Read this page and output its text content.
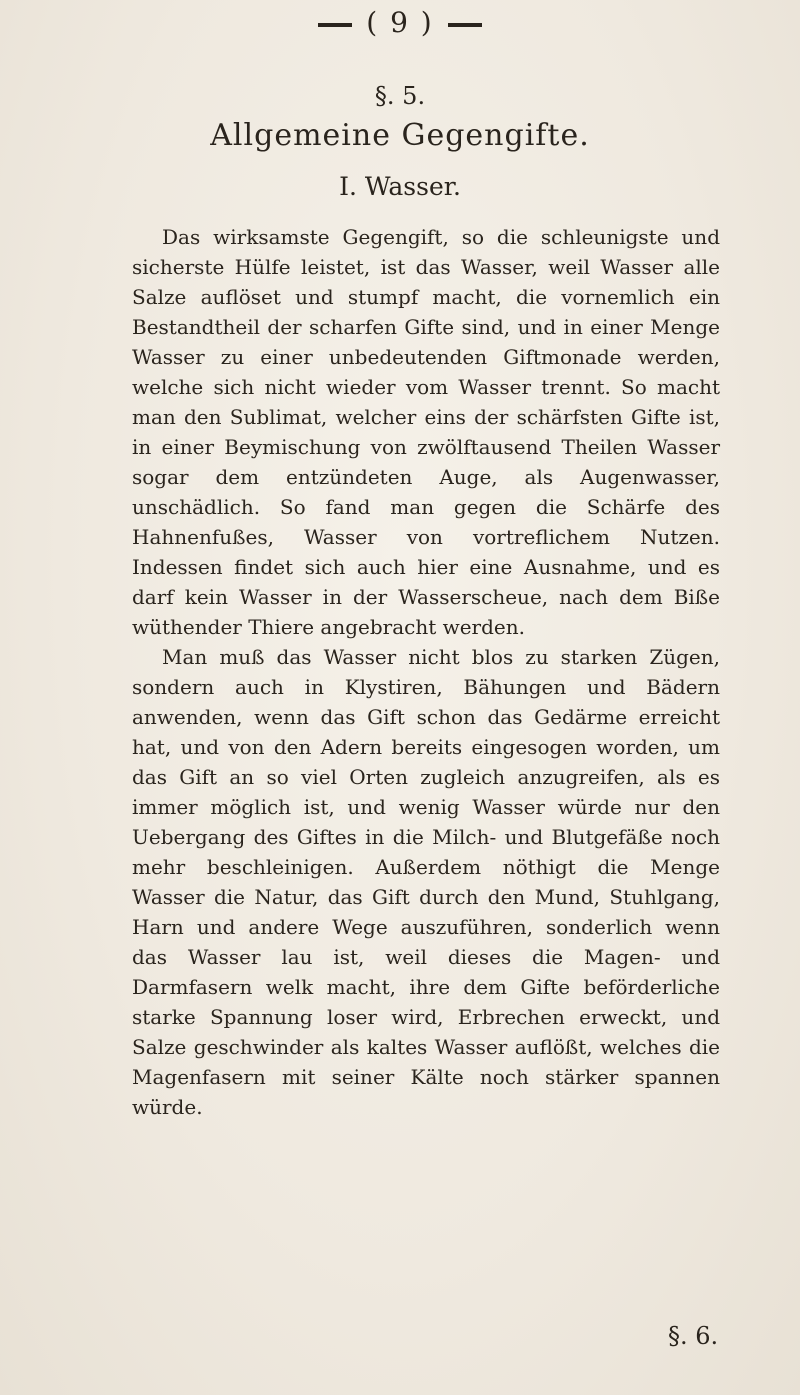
( 9 )
§. 5.
Allgemeine Gegengifte.
I. Wasser.

Das wirksamste Gegengift, so die schleunigste und sicherste Hülfe leistet, ist das Wasser, weil Wasser alle Salze auflöset und stumpf macht, die vornemlich ein Bestandtheil der scharfen Gifte sind, und in einer Menge Wasser zu einer unbedeutenden Giftmonade werden, welche sich nicht wieder vom Wasser trennt. So macht man den Sublimat, welcher eins der schärfsten Gifte ist, in einer Beymischung von zwölftausend Theilen Wasser sogar dem entzündeten Auge, als Augenwasser, unschädlich. So fand man gegen die Schärfe des Hahnenfußes, Wasser von vortreflichem Nutzen. Indessen findet sich auch hier eine Ausnahme, und es darf kein Wasser in der Wasserscheue, nach dem Biße wüthender Thiere angebracht werden.

Man muß das Wasser nicht blos zu starken Zügen, sondern auch in Klystiren, Bähungen und Bädern anwenden, wenn das Gift schon das Gedärme erreicht hat, und von den Adern bereits eingesogen worden, um das Gift an so viel Orten zugleich anzugreifen, als es immer möglich ist, und wenig Wasser würde nur den Uebergang des Giftes in die Milch- und Blutgefäße noch mehr beschleinigen. Außerdem nöthigt die Menge Wasser die Natur, das Gift durch den Mund, Stuhlgang, Harn und andere Wege auszuführen, sonderlich wenn das Wasser lau ist, weil dieses die Magen- und Darmfasern welk macht, ihre dem Gifte beförderliche starke Spannung loser wird, Erbrechen erweckt, und Salze geschwinder als kaltes Wasser auflößt, welches die Magenfasern mit seiner Kälte noch stärker spannen würde.

§. 6.
